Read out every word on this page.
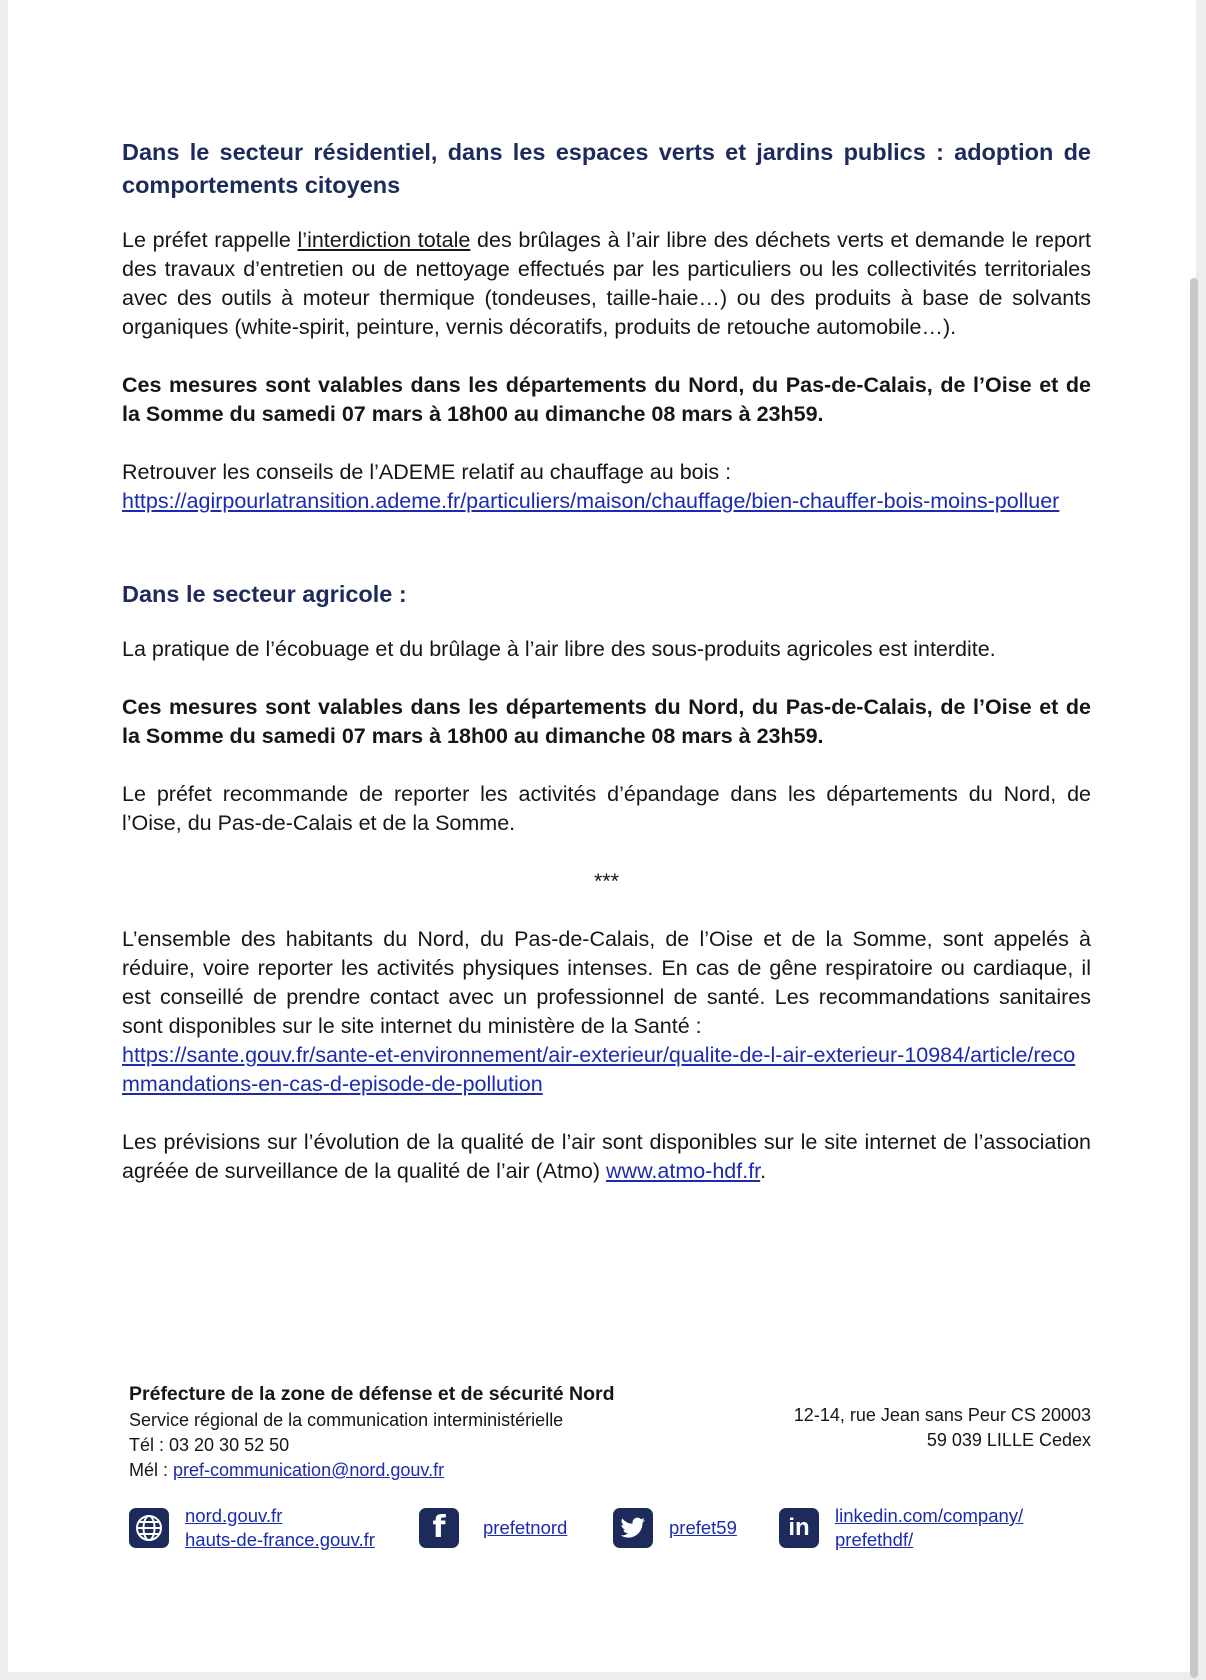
Dans le secteur résidentiel, dans les espaces verts et jardins publics : adoption de comportements citoyens

Le préfet rappelle l’interdiction totale des brûlages à l’air libre des déchets verts et demande le report des travaux d’entretien ou de nettoyage effectués par les particuliers ou les collectivités territoriales avec des outils à moteur thermique (tondeuses, taille-haie…) ou des produits à base de solvants organiques (white-spirit, peinture, vernis décoratifs, produits de retouche automobile…).

Ces mesures sont valables dans les départements du Nord, du Pas-de-Calais, de l’Oise et de la Somme du samedi 07 mars à 18h00 au dimanche 08 mars à 23h59.

Retrouver les conseils de l’ADEME relatif au chauffage au bois :

https://agirpourlatransition.ademe.fr/particuliers/maison/chauffage/bien-chauffer-bois-moins-polluer

Dans le secteur agricole :

La pratique de l’écobuage et du brûlage à l’air libre des sous-produits agricoles est interdite.

Ces mesures sont valables dans les départements du Nord, du Pas-de-Calais, de l’Oise et de la Somme du samedi 07 mars à 18h00 au dimanche 08 mars à 23h59.

Le préfet recommande de reporter les activités d’épandage dans les départements du Nord, de l’Oise, du Pas-de-Calais et de la Somme.

***

L’ensemble des habitants du Nord, du Pas-de-Calais, de l’Oise et de la Somme, sont appelés à réduire, voire reporter les activités physiques intenses. En cas de gêne respiratoire ou cardiaque, il est conseillé de prendre contact avec un professionnel de santé. Les recommandations sanitaires sont disponibles sur le site internet du ministère de la Santé :

https://sante.gouv.fr/sante-et-environnement/air-exterieur/qualite-de-l-air-exterieur-10984/article/recommandations-en-cas-d-episode-de-pollution

Les prévisions sur l’évolution de la qualité de l’air sont disponibles sur le site internet de l’association agréée de surveillance de la qualité de l’air (Atmo) www.atmo-hdf.fr.

Préfecture de la zone de défense et de sécurité Nord
Service régional de la communication interministérielle
Tél : 03 20 30 52 50
Mél : pref-communication@nord.gouv.fr
12-14, rue Jean sans Peur CS 20003
59 039 LILLE Cedex
nord.gouv.fr
hauts-de-france.gouv.fr	f	prefetnord	prefet59	in	linkedin.com/company/
prefethdf/
